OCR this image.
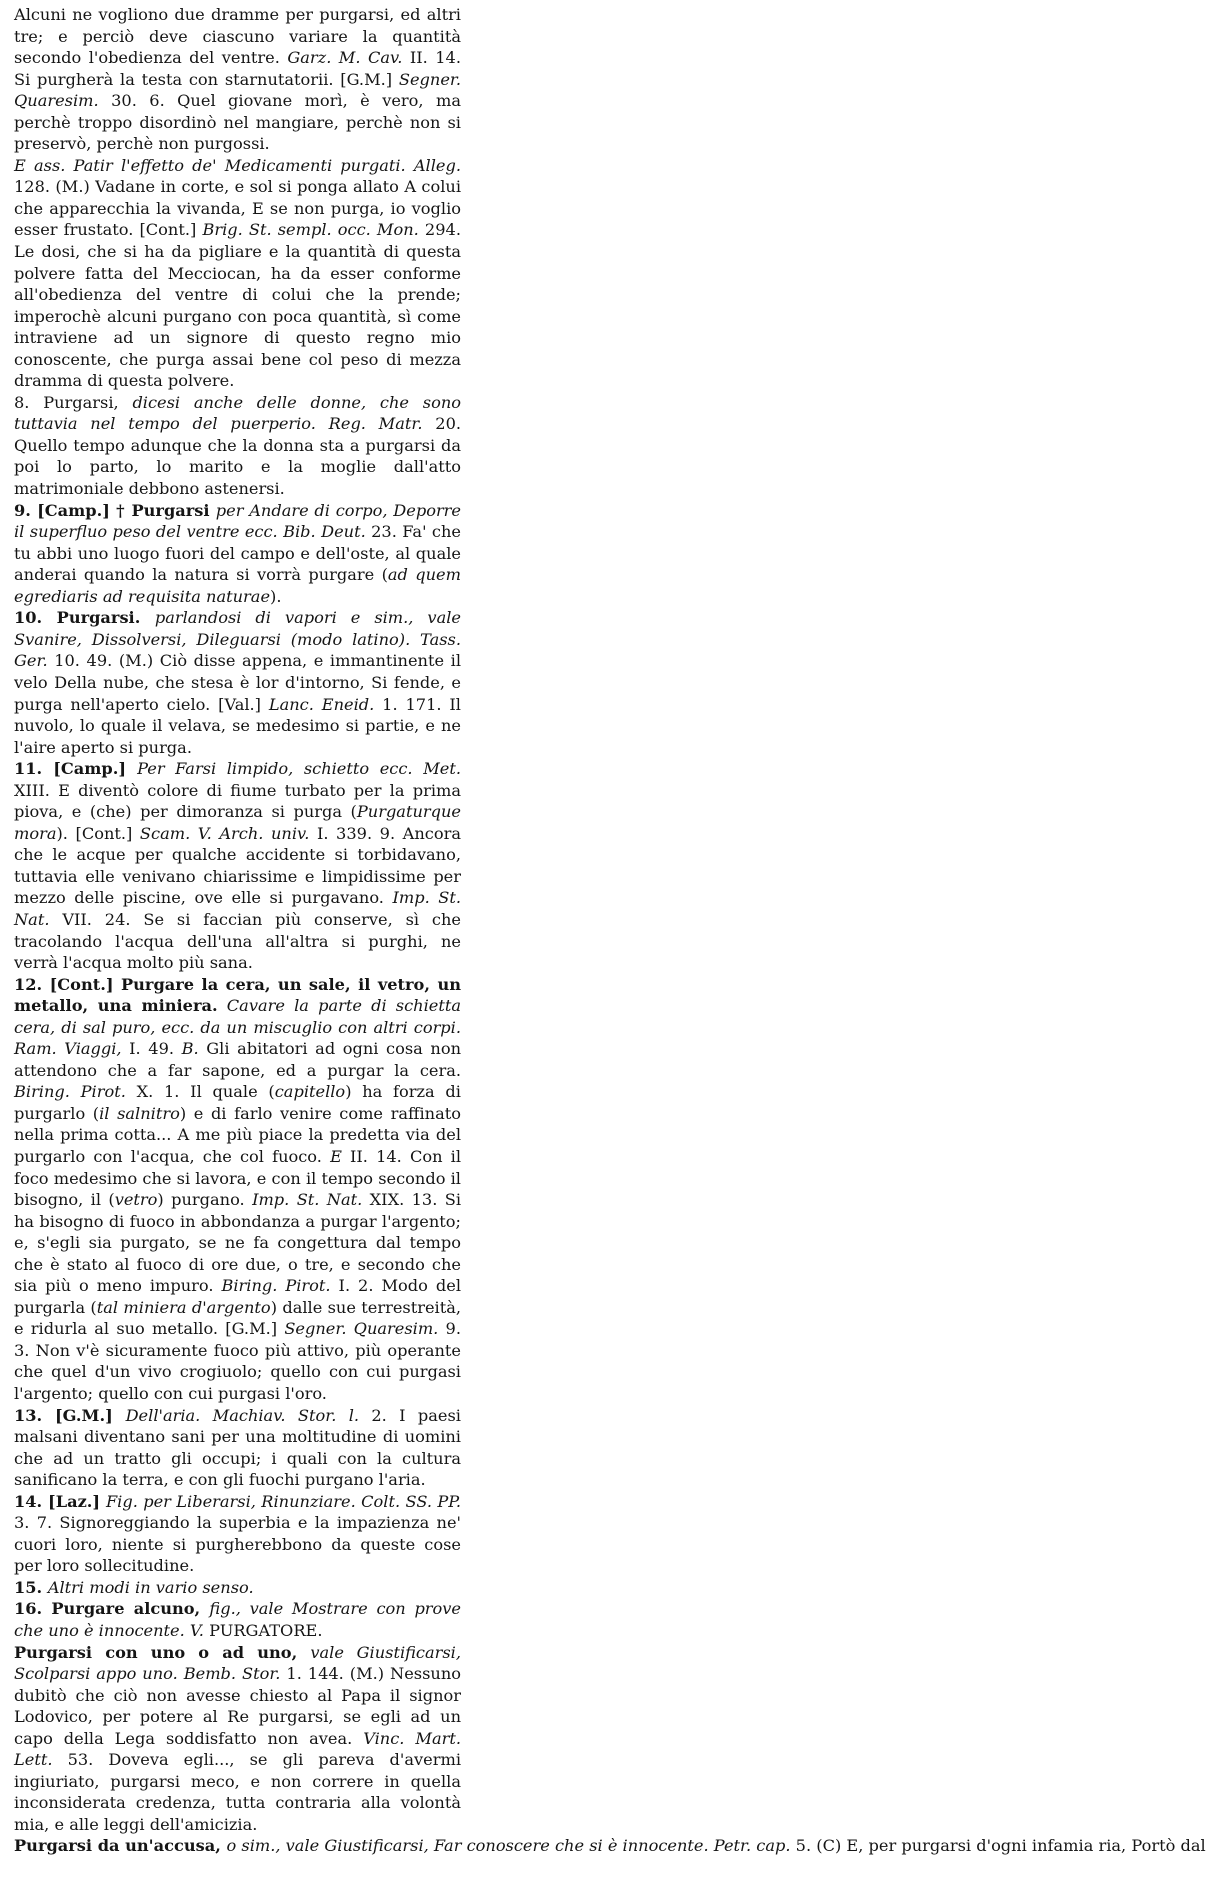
Alcuni ne vogliono due dramme per purgarsi, ed altri tre; e perciò deve ciascuno variare la quantità secondo l'obedienza del ventre. Garz. M. Cav. II. 14. Si purgherà la testa con starnutatorii. [G.M.] Segner. Quaresim. 30. 6. Quel giovane morì, è vero, ma perchè troppo disordinò nel mangiare, perchè non si preservò, perchè non purgossi.

E ass. Patir l'effetto de' Medicamenti purgati. Alleg. 128. (M.) Vadane in corte, e sol si ponga allato A colui che apparecchia la vivanda, E se non purga, io voglio esser frustato. [Cont.] Brig. St. sempl. occ. Mon. 294. Le dosi, che si ha da pigliare e la quantità di questa polvere fatta del Mecciocan, ha da esser conforme all'obedienza del ventre di colui che la prende; imperochè alcuni purgano con poca quantità, sì come intraviene ad un signore di questo regno mio conoscente, che purga assai bene col peso di mezza dramma di questa polvere.

8. Purgarsi, dicesi anche delle donne, che sono tuttavia nel tempo del puerperio. Reg. Matr. 20. Quello tempo adunque che la donna sta a purgarsi da poi lo parto, lo marito e la moglie dall'atto matrimoniale debbono astenersi.

9. [Camp.] † Purgarsi per Andare di corpo, Deporre il superfluo peso del ventre ecc. Bib. Deut. 23. Fa' che tu abbi uno luogo fuori del campo e dell'oste, al quale anderai quando la natura si vorrà purgare (ad quem egrediaris ad requisita naturae).

10. Purgarsi. parlandosi di vapori e sim., vale Svanire, Dissolversi, Dileguarsi (modo latino). Tass. Ger. 10. 49. (M.) Ciò disse appena, e immantinente il velo Della nube, che stesa è lor d'intorno, Si fende, e purga nell'aperto cielo. [Val.] Lanc. Eneid. 1. 171. Il nuvolo, lo quale il velava, se medesimo si partie, e ne l'aire aperto si purga.

11. [Camp.] Per Farsi limpido, schietto ecc. Met. XIII. E diventò colore di fiume turbato per la prima piova, e (che) per dimoranza si purga (Purgaturque mora). [Cont.] Scam. V. Arch. univ. I. 339. 9. Ancora che le acque per qualche accidente si torbidavano, tuttavia elle venivano chiarissime e limpidissime per mezzo delle piscine, ove elle si purgavano. Imp. St. Nat. VII. 24. Se si faccian più conserve, sì che tracolando l'acqua dell'una all'altra si purghi, ne verrà l'acqua molto più sana.

12. [Cont.] Purgare la cera, un sale, il vetro, un metallo, una miniera. Cavare la parte di schietta cera, di sal puro, ecc. da un miscuglio con altri corpi. Ram. Viaggi, I. 49. B. Gli abitatori ad ogni cosa non attendono che a far sapone, ed a purgar la cera. Biring. Pirot. X. 1. Il quale (capitello) ha forza di purgarlo (il salnitro) e di farlo venire come raffinato nella prima cotta... A me più piace la predetta via del purgarlo con l'acqua, che col fuoco. E II. 14. Con il foco medesimo che si lavora, e con il tempo secondo il bisogno, il (vetro) purgano. Imp. St. Nat. XIX. 13. Si ha bisogno di fuoco in abbondanza a purgar l'argento; e, s'egli sia purgato, se ne fa congettura dal tempo che è stato al fuoco di ore due, o tre, e secondo che sia più o meno impuro. Biring. Pirot. I. 2. Modo del purgarla (tal miniera d'argento) dalle sue terrestreità, e ridurla al suo metallo. [G.M.] Segner. Quaresim. 9. 3. Non v'è sicuramente fuoco più attivo, più operante che quel d'un vivo crogiuolo; quello con cui purgasi l'argento; quello con cui purgasi l'oro.

13. [G.M.] Dell'aria. Machiav. Stor. l. 2. I paesi malsani diventano sani per una moltitudine di uomini che ad un tratto gli occupi; i quali con la cultura sanificano la terra, e con gli fuochi purgano l'aria.

14. [Laz.] Fig. per Liberarsi, Rinunziare. Colt. SS. PP. 3. 7. Signoreggiando la superbia e la impazienza ne' cuori loro, niente si purgherebbono da queste cose per loro sollecitudine.

15. Altri modi in vario senso.

16. Purgare alcuno, fig., vale Mostrare con prove che uno è innocente. V. PURGATORE.

Purgarsi con uno o ad uno, vale Giustificarsi, Scolparsi appo uno. Bemb. Stor. 1. 144. (M.) Nessuno dubitò che ciò non avesse chiesto al Papa il signor Lodovico, per potere al Re purgarsi, se egli ad un capo della Lega soddisfatto non avea. Vinc. Mart. Lett. 53. Doveva egli..., se gli pareva d'avermi ingiuriato, purgarsi meco, e non correre in quella inconsiderata credenza, tutta contraria alla volontà mia, e alle leggi dell'amicizia.

Purgarsi da un'accusa, o sim., vale Giustificarsi, Far conoscere che si è innocente. Petr. cap. 5. (C) E, per purgarsi d'ogni infamia ria, Portò dal
